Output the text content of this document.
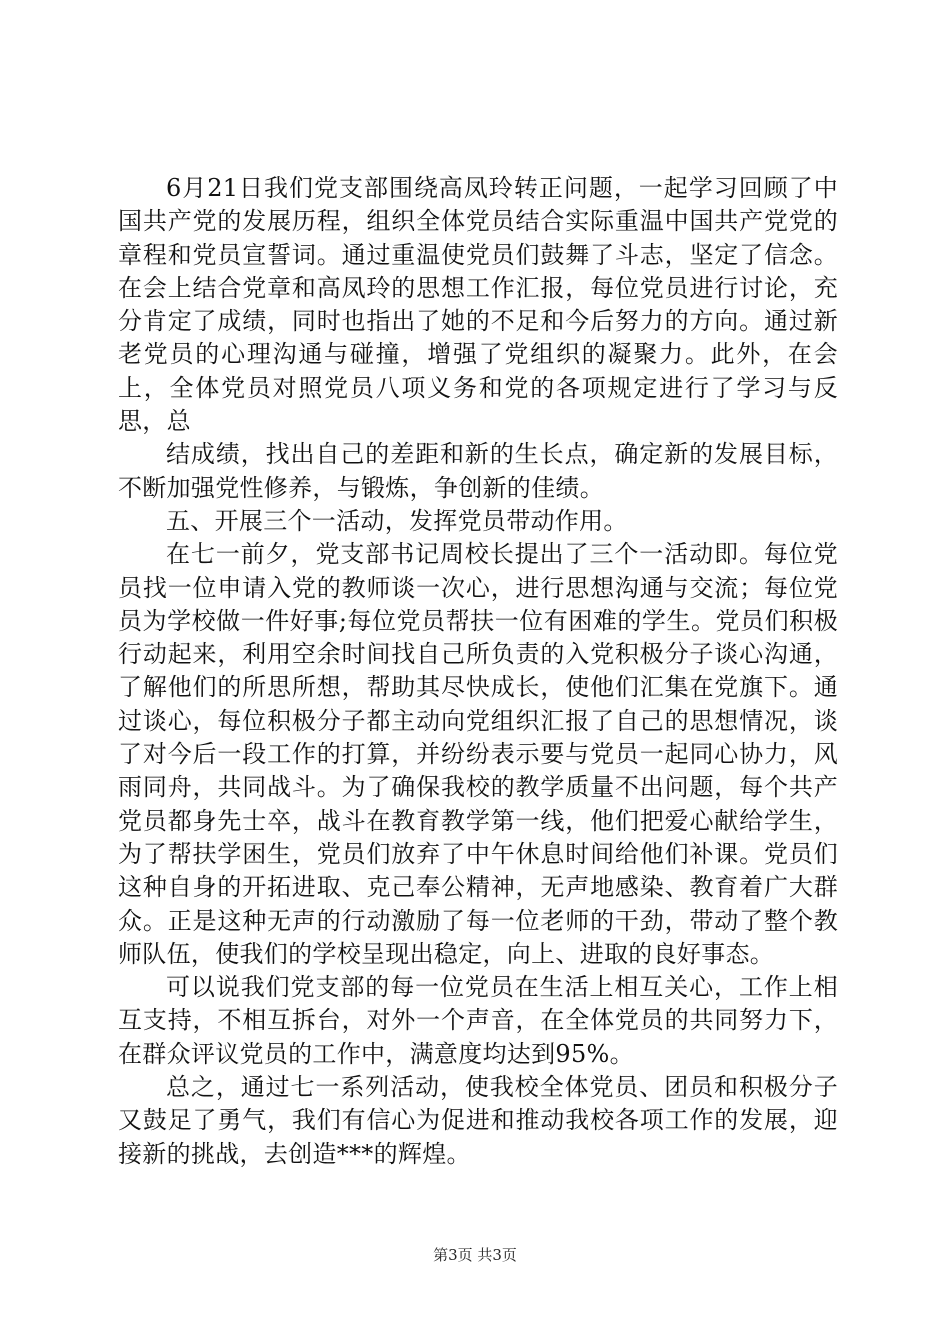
6月21日我们党支部围绕高凤玲转正问题，一起学习回顾了中国共产党的发展历程，组织全体党员结合实际重温中国共产党党的章程和党员宣誓词。通过重温使党员们鼓舞了斗志，坚定了信念。在会上结合党章和高凤玲的思想工作汇报，每位党员进行讨论，充分肯定了成绩，同时也指出了她的不足和今后努力的方向。通过新老党员的心理沟通与碰撞，增强了党组织的凝聚力。此外，在会上，全体党员对照党员八项义务和党的各项规定进行了学习与反思，总

结成绩，找出自己的差距和新的生长点，确定新的发展目标，不断加强党性修养，与锻炼，争创新的佳绩。

五、开展三个一活动，发挥党员带动作用。

在七一前夕，党支部书记周校长提出了三个一活动即。每位党员找一位申请入党的教师谈一次心，进行思想沟通与交流；每位党员为学校做一件好事;每位党员帮扶一位有困难的学生。党员们积极行动起来，利用空余时间找自己所负责的入党积极分子谈心沟通，了解他们的所思所想，帮助其尽快成长，使他们汇集在党旗下。通过谈心，每位积极分子都主动向党组织汇报了自己的思想情况，谈了对今后一段工作的打算，并纷纷表示要与党员一起同心协力，风雨同舟，共同战斗。为了确保我校的教学质量不出问题，每个共产党员都身先士卒，战斗在教育教学第一线，他们把爱心献给学生，为了帮扶学困生，党员们放弃了中午休息时间给他们补课。党员们这种自身的开拓进取、克己奉公精神，无声地感染、教育着广大群众。正是这种无声的行动激励了每一位老师的干劲，带动了整个教师队伍，使我们的学校呈现出稳定，向上、进取的良好事态。

可以说我们党支部的每一位党员在生活上相互关心，工作上相互支持，不相互拆台，对外一个声音，在全体党员的共同努力下，在群众评议党员的工作中，满意度均达到95%。

总之，通过七一系列活动，使我校全体党员、团员和积极分子又鼓足了勇气，我们有信心为促进和推动我校各项工作的发展，迎接新的挑战，去创造***的辉煌。

第3页 共3页
